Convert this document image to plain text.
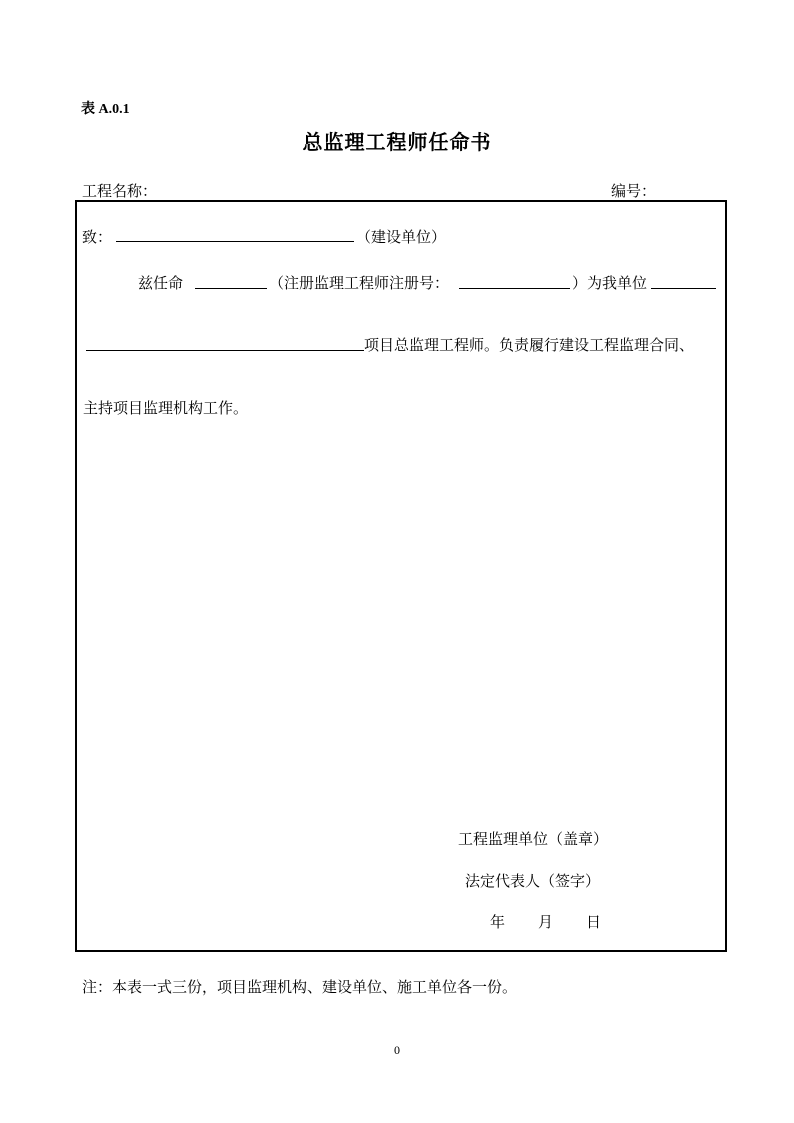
表 A.0.1
总监理工程师任命书
工程名称：	编号：
致：	（建设单位）
兹任命	（注册监理工程师注册号：	）为我单位
项目总监理工程师。负责履行建设工程监理合同、
主持项目监理机构工作。
工程监理单位（盖章）
法定代表人（签字）
年 月 日
注：本表一式三份，项目监理机构、建设单位、施工单位各一份。
0
